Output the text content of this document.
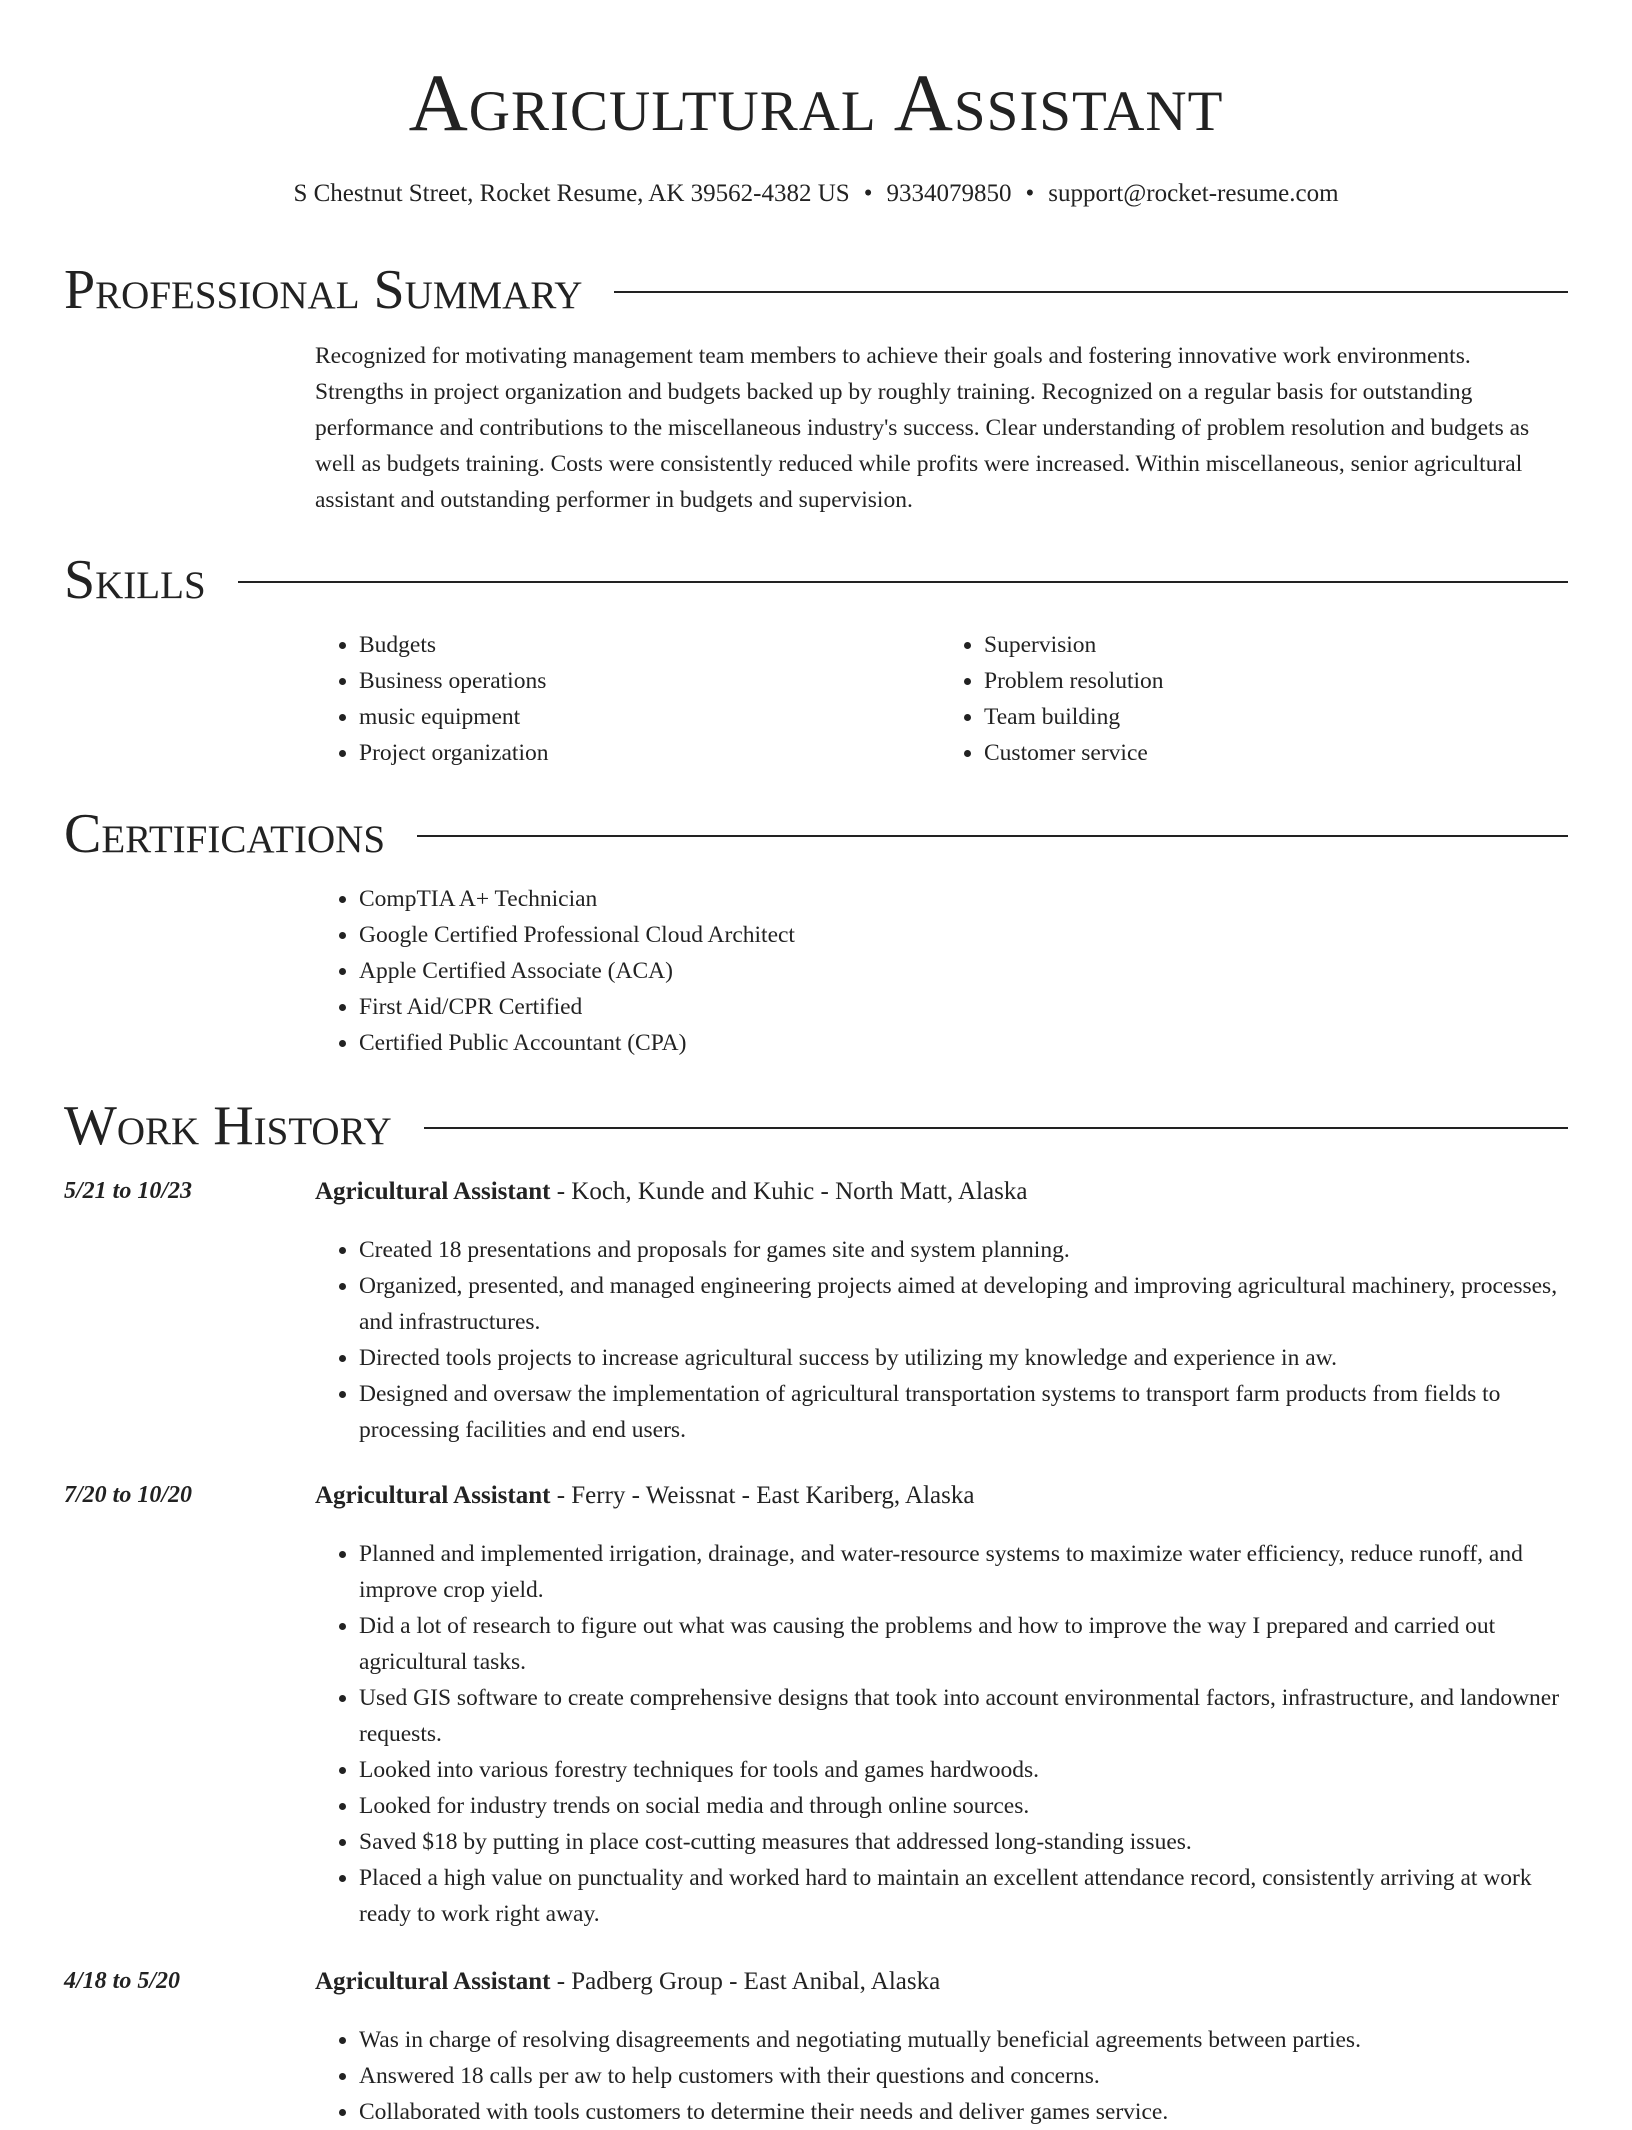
Agricultural Assistant
S Chestnut Street, Rocket Resume, AK 39562-4382 US • 9334079850 • support@rocket-resume.com
Professional Summary
Recognized for motivating management team members to achieve their goals and fostering innovative work environments. Strengths in project organization and budgets backed up by roughly training. Recognized on a regular basis for outstanding performance and contributions to the miscellaneous industry's success. Clear understanding of problem resolution and budgets as well as budgets training. Costs were consistently reduced while profits were increased. Within miscellaneous, senior agricultural assistant and outstanding performer in budgets and supervision.
Skills
• Budgets
• Business operations
• music equipment
• Project organization
• Supervision
• Problem resolution
• Team building
• Customer service
Certifications
• CompTIA A+ Technician
• Google Certified Professional Cloud Architect
• Apple Certified Associate (ACA)
• First Aid/CPR Certified
• Certified Public Accountant (CPA)
Work History
5/21 to 10/23	Agricultural Assistant - Koch, Kunde and Kuhic - North Matt, Alaska
• Created 18 presentations and proposals for games site and system planning.
• Organized, presented, and managed engineering projects aimed at developing and improving agricultural machinery, processes, and infrastructures.
• Directed tools projects to increase agricultural success by utilizing my knowledge and experience in aw.
• Designed and oversaw the implementation of agricultural transportation systems to transport farm products from fields to processing facilities and end users.
7/20 to 10/20	Agricultural Assistant - Ferry - Weissnat - East Kariberg, Alaska
• Planned and implemented irrigation, drainage, and water-resource systems to maximize water efficiency, reduce runoff, and improve crop yield.
• Did a lot of research to figure out what was causing the problems and how to improve the way I prepared and carried out agricultural tasks.
• Used GIS software to create comprehensive designs that took into account environmental factors, infrastructure, and landowner requests.
• Looked into various forestry techniques for tools and games hardwoods.
• Looked for industry trends on social media and through online sources.
• Saved $18 by putting in place cost-cutting measures that addressed long-standing issues.
• Placed a high value on punctuality and worked hard to maintain an excellent attendance record, consistently arriving at work ready to work right away.
4/18 to 5/20	Agricultural Assistant - Padberg Group - East Anibal, Alaska
• Was in charge of resolving disagreements and negotiating mutually beneficial agreements between parties.
• Answered 18 calls per aw to help customers with their questions and concerns.
• Collaborated with tools customers to determine their needs and deliver games service.
